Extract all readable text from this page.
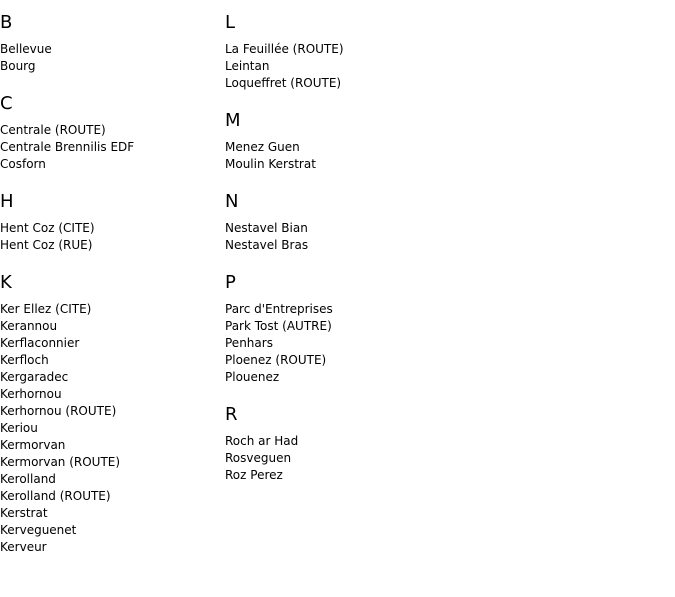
B
Bellevue
Bourg
C
Centrale (ROUTE)
Centrale Brennilis EDF
Cosforn
H
Hent Coz (CITE)
Hent Coz (RUE)
K
Ker Ellez (CITE)
Kerannou
Kerflaconnier
Kerfloch
Kergaradec
Kerhornou
Kerhornou (ROUTE)
Keriou
Kermorvan
Kermorvan (ROUTE)
Kerolland
Kerolland (ROUTE)
Kerstrat
Kerveguenet
Kerveur
L
La Feuillée (ROUTE)
Leintan
Loqueffret (ROUTE)
M
Menez Guen
Moulin Kerstrat
N
Nestavel Bian
Nestavel Bras
P
Parc d'Entreprises
Park Tost (AUTRE)
Penhars
Ploenez (ROUTE)
Plouenez
R
Roch ar Had
Rosveguen
Roz Perez
